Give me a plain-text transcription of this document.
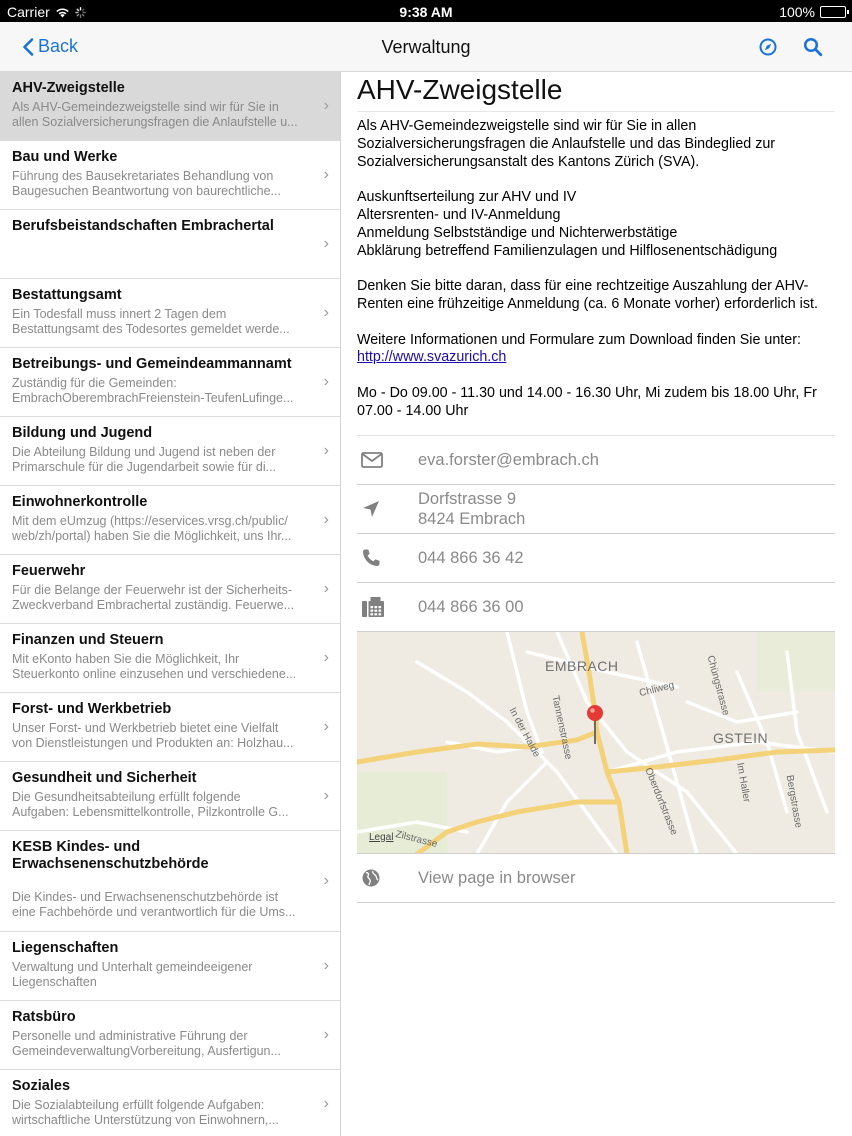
Carrier	9:38 AM	100%
Back	Verwaltung
AHV-Zweigstelle
Als AHV-Gemeindezweigstelle sind wir für Sie in
allen Sozialversicherungsfragen die Anlaufstelle u...
›
Bau und Werke
Führung des Bausekretariates Behandlung von
Baugesuchen Beantwortung von baurechtliche...
›
Berufsbeistandschaften Embrachertal
›
Bestattungsamt
Ein Todesfall muss innert 2 Tagen dem
Bestattungsamt des Todesortes gemeldet werde...
›
Betreibungs- und Gemeindeammannamt
Zuständig für die Gemeinden:
EmbrachOberembrachFreienstein-TeufenLufinge...
›
Bildung und Jugend
Die Abteilung Bildung und Jugend ist neben der
Primarschule für die Jugendarbeit sowie für di...
›
Einwohnerkontrolle
Mit dem eUmzug (https://eservices.vrsg.ch/public/
web/zh/portal) haben Sie die Möglichkeit, uns Ihr...
›
Feuerwehr
Für die Belange der Feuerwehr ist der Sicherheits-
Zweckverband Embrachertal zuständig. Feuerwe...
›
Finanzen und Steuern
Mit eKonto haben Sie die Möglichkeit, Ihr
Steuerkonto online einzusehen und verschiedene...
›
Forst- und Werkbetrieb
Unser Forst- und Werkbetrieb bietet eine Vielfalt
von Dienstleistungen und Produkten an: Holzhau...
›
Gesundheit und Sicherheit
Die Gesundheitsabteilung erfüllt folgende
Aufgaben: Lebensmittelkontrolle, Pilzkontrolle G...
›
KESB Kindes- und
Erwachsenenschutzbehörde
Die Kindes- und Erwachsenenschutzbehörde ist
eine Fachbehörde und verantwortlich für die Ums...
›
Liegenschaften
Verwaltung und Unterhalt gemeindeeigener
Liegenschaften
›
Ratsbüro
Personelle und administrative Führung der
GemeindeverwaltungVorbereitung, Ausfertigun...
›
Soziales
Die Sozialabteilung erfüllt folgende Aufgaben:
wirtschaftliche Unterstützung von Einwohnern,...
›
AHV-Zweigstelle

Als AHV-Gemeindezweigstelle sind wir für Sie in allen Sozialversicherungsfragen die Anlaufstelle und das Bindeglied zur Sozialversicherungsanstalt des Kantons Zürich (SVA).

Auskunftserteilung zur AHV und IV
Altersrenten- und IV-Anmeldung
Anmeldung Selbstständige und Nichterwerbstätige
Abklärung betreffend Familienzulagen und Hilflosenentschädigung

Denken Sie bitte daran, dass für eine rechtzeitige Auszahlung der AHV-Renten eine frühzeitige Anmeldung (ca. 6 Monate vorher) erforderlich ist.

Weitere Informationen und Formulare zum Download finden Sie unter:
http://www.svazurich.ch

Mo - Do 09.00 - 11.30 und 14.00 - 16.30 Uhr, Mi zudem bis 18.00 Uhr, Fr 07.00 - 14.00 Uhr

eva.forster@embrach.ch
Dorfstrasse 9
8424 Embrach
044 866 36 42
044 866 36 00
EMBRACH
GSTEIN
Chliweg	Chüngstrasse
In der Halde Tannenstrasse
Oberdorfstrasse	Im Haller	Bergstrasse
Zilstrasse
Legal
View page in browser
